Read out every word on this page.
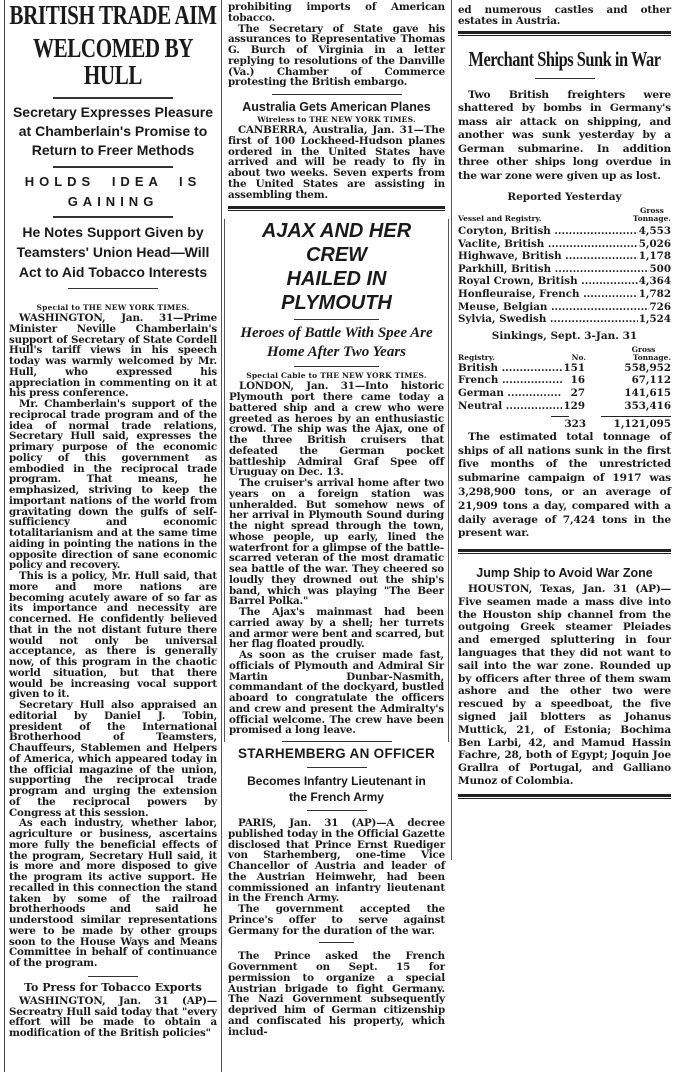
BRITISH TRADE AIM
WELCOMED BY HULL
Secretary Expresses Pleasure
at Chamberlain's Promise to
Return to Freer Methods
HOLDS IDEA IS GAINING
He Notes Support Given by
Teamsters' Union Head—Will
Act to Aid Tobacco Interests
Special to THE NEW YORK TIMES.

WASHINGTON, Jan. 31—Prime Minister Neville Chamberlain's support of Secretary of State Cordell Hull's tariff views in his speech today was warmly welcomed by Mr. Hull, who expressed his appreciation in commenting on it at his press conference.

Mr. Chamberlain's support of the reciprocal trade program and of the idea of normal trade relations, Secretary Hull said, expresses the primary purpose of the economic policy of this government as embodied in the reciprocal trade program. That means, he emphasized, striving to keep the important nations of the world from gravitating down the gulfs of self-sufficiency and economic totalitarianism and at the same time aiding in pointing the nations in the opposite direction of sane economic policy and recovery.

This is a policy, Mr. Hull said, that more and more nations are becoming acutely aware of so far as its importance and necessity are concerned. He confidently believed that in the not distant future there would not only be universal acceptance, as there is generally now, of this program in the chaotic world situation, but that there would be increasing vocal support given to it.

Secretary Hull also appraised an editorial by Daniel J. Tobin, president of the International Brotherhood of Teamsters, Chauffeurs, Stablemen and Helpers of America, which appeared today in the official magazine of the union, supporting the reciprocal trade program and urging the extension of the reciprocal powers by Congress at this session.

As each industry, whether labor, agriculture or business, ascertains more fully the beneficial effects of the program, Secretary Hull said, it is more and more disposed to give the program its active support. He recalled in this connection the stand taken by some of the railroad brotherhoods and said he understood similar representations were to be made by other groups soon to the House Ways and Means Committee in behalf of continuance of the program.

To Press for Tobacco Exports

WASHINGTON, Jan. 31 (AP)—Secreatry Hull said today that "every effort will be made to obtain a modification of the British policies"

prohibiting imports of American tobacco.

The Secretary of State gave his assurances to Representative Thomas G. Burch of Virginia in a letter replying to resolutions of the Danville (Va.) Chamber of Commerce protesting the British embargo.

Australia Gets American Planes
Wireless to THE NEW YORK TIMES.

CANBERRA, Australia, Jan. 31—The first of 100 Lockheed-Hudson planes ordered in the United States have arrived and will be ready to fly in about two weeks. Seven experts from the United States are assisting in assembling them.

AJAX AND HER CREW
HAILED IN PLYMOUTH
Heroes of Battle With Spee Are
Home After Two Years
Special Cable to THE NEW YORK TIMES.

LONDON, Jan. 31—Into historic Plymouth port there came today a battered ship and a crew who were greeted as heroes by an enthusiastic crowd. The ship was the Ajax, one of the three British cruisers that defeated the German pocket battleship Admiral Graf Spee off Uruguay on Dec. 13.

The cruiser's arrival home after two years on a foreign station was unheralded. But somehow news of her arrival in Plymouth Sound during the night spread through the town, whose people, up early, lined the waterfront for a glimpse of the battle-scarred veteran of the most dramatic sea battle of the war. They cheered so loudly they drowned out the ship's band, which was playing "The Beer Barrel Polka."

The Ajax's mainmast had been carried away by a shell; her turrets and armor were bent and scarred, but her flag floated proudly.

As soon as the cruiser made fast, officials of Plymouth and Admiral Sir Martin Dunbar-Nasmith, commandant of the dockyard, bustled aboard to congratulate the officers and crew and present the Admiralty's official welcome. The crew have been promised a long leave.

STARHEMBERG AN OFFICER
Becomes Infantry Lieutenant in
the French Army

PARIS, Jan. 31 (AP)—A decree published today in the Official Gazette disclosed that Prince Ernst Ruediger von Starhemberg, one-time Vice Chancellor of Austria and leader of the Austrian Heimwehr, had been commissioned an infantry lieutenant in the French Army.

The government accepted the Prince's offer to serve against Germany for the duration of the war.

The Prince asked the French Government on Sept. 15 for permission to organize a special Austrian brigade to fight Germany. The Nazi Government subsequently deprived him of German citizenship and confiscated his property, which includ-

ed numerous castles and other estates in Austria.

Merchant Ships Sunk in War

Two British freighters were shattered by bombs in Germany's mass air attack on shipping, and another was sunk yesterday by a German submarine. In addition three other ships long overdue in the war zone were given up as lost.

Reported Yesterday
Vessel and Registry.
Gross
Tonnage.
Coryton, British .....	4,553
Vaclite, British .....	5,026
Highwave, British .....	1,178
Parkhill, British .....	500
Royal Crown, British .....	4,364
Honfleuraise, French .....	1,782
Meuse, Belgian .....	726
Sylvia, Swedish .....	1,524
Sinkings, Sept. 3-Jan. 31
Registry.	No.
Gross
Tonnage.
British .....	151	558,952
French .....	16	67,112
German .....	27	141,615
Neutral .....	129	353,416
323	1,121,095

The estimated total tonnage of ships of all nations sunk in the first five months of the unrestricted submarine campaign of 1917 was 3,298,900 tons, or an average of 21,909 tons a day, compared with a daily average of 7,424 tons in the present war.

Jump Ship to Avoid War Zone

HOUSTON, Texas, Jan. 31 (AP)—Five seamen made a mass dive into the Houston ship channel from the outgoing Greek steamer Pleiades and emerged spluttering in four languages that they did not want to sail into the war zone. Rounded up by officers after three of them swam ashore and the other two were rescued by a speedboat, the five signed jail blotters as Johanus Muttick, 21, of Estonia; Bochima Ben Larbi, 42, and Mamud Hassin Fachre, 28, both of Egypt; Joquin Joe Grallra of Portugal, and Galliano Munoz of Colombia.
